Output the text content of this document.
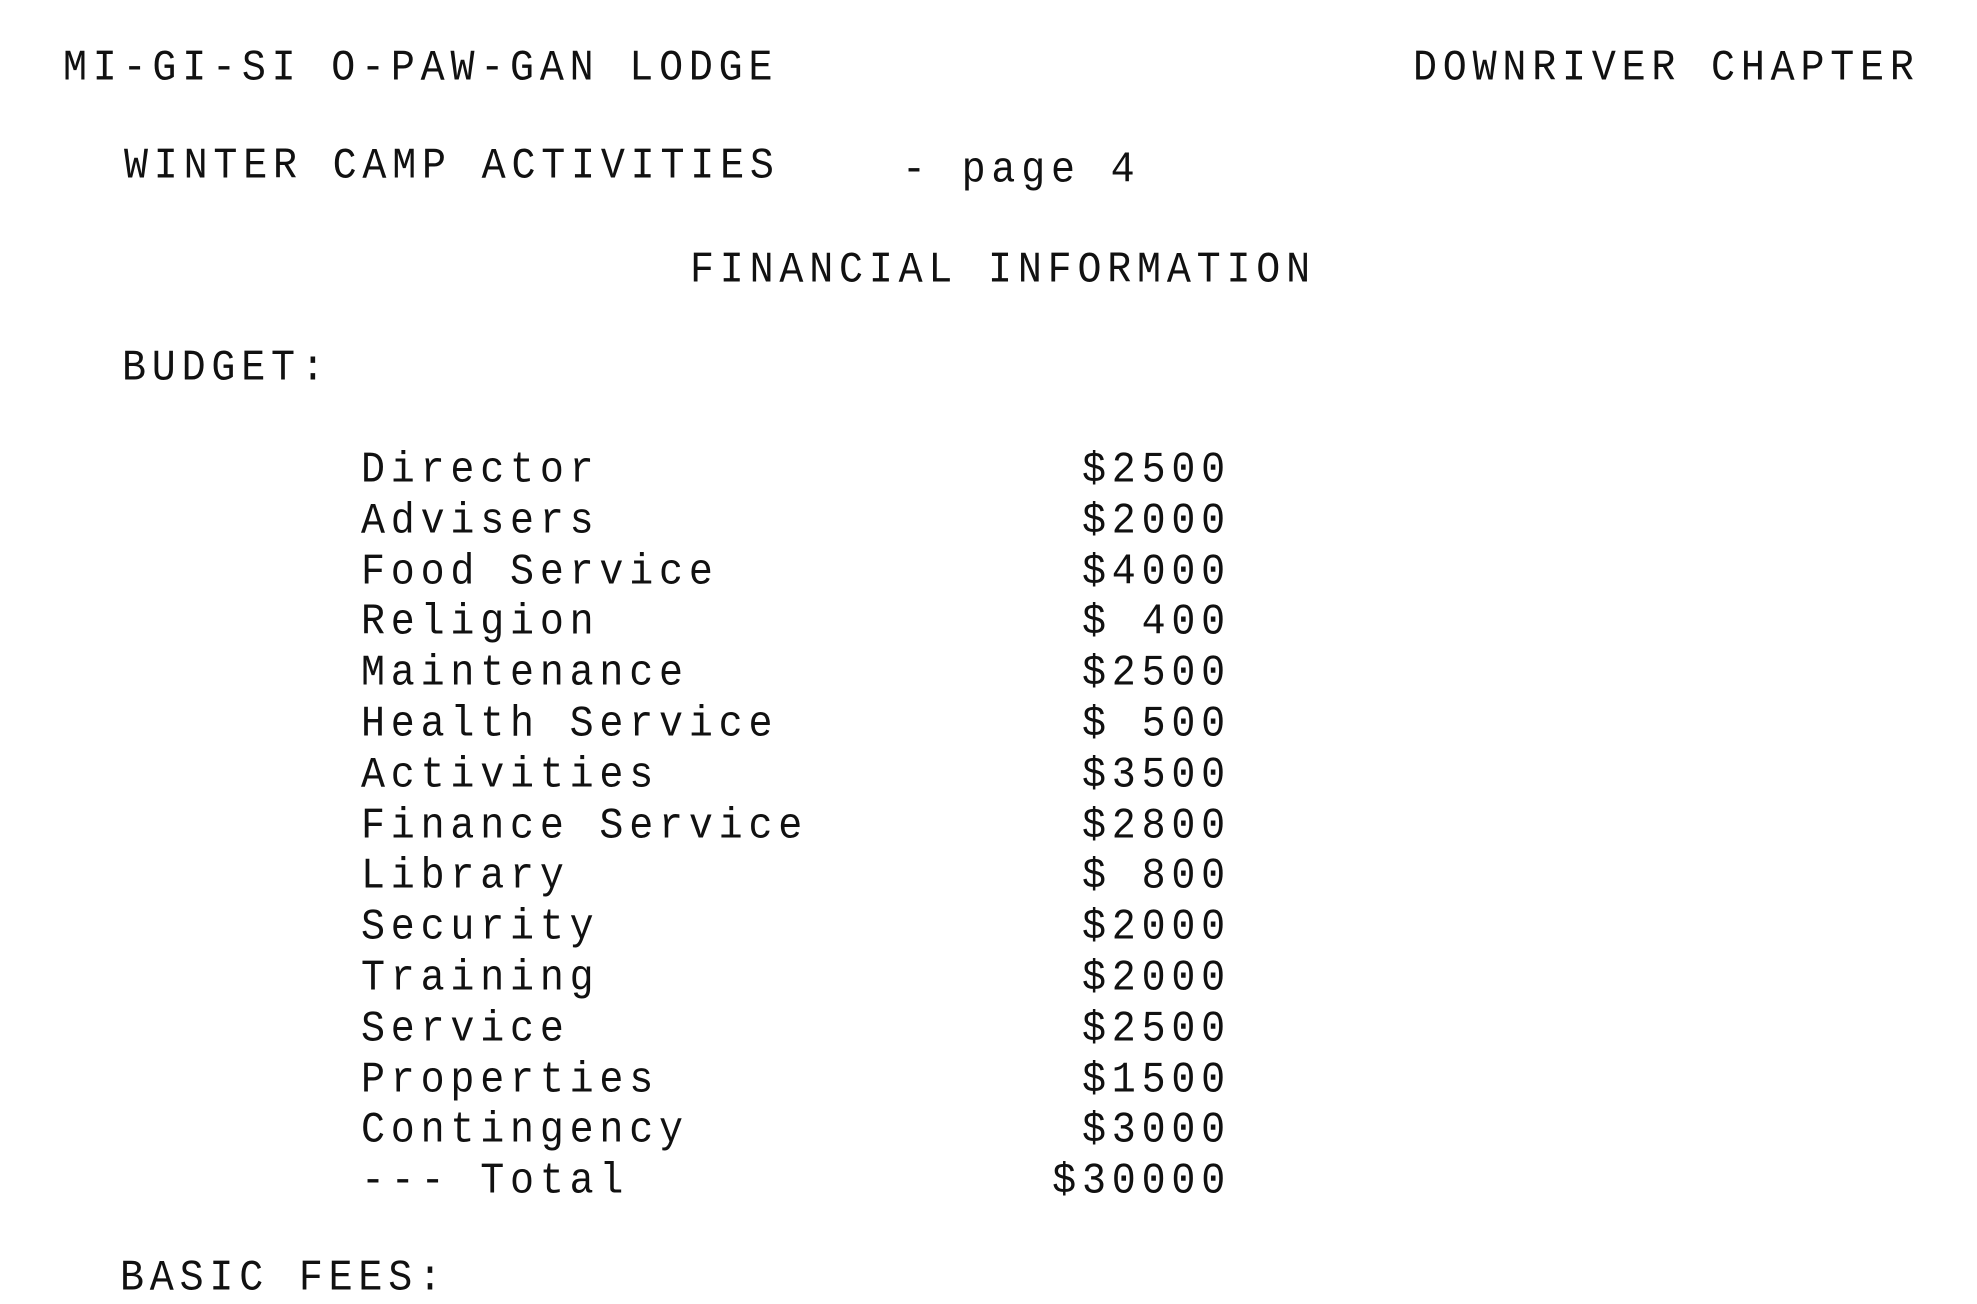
MI-GI-SI O-PAW-GAN LODGE	DOWNRIVER CHAPTER
WINTER CAMP ACTIVITIES	- page 4
FINANCIAL INFORMATION
BUDGET:
Director	$2500
Advisers	$2000
Food Service	$4000
Religion	$ 400
Maintenance	$2500
Health Service	$ 500
Activities	$3500
Finance Service	$2800
Library	$ 800
Security	$2000
Training	$2000
Service	$2500
Properties	$1500
Contingency	$3000
--- Total	$30000
BASIC FEES:
